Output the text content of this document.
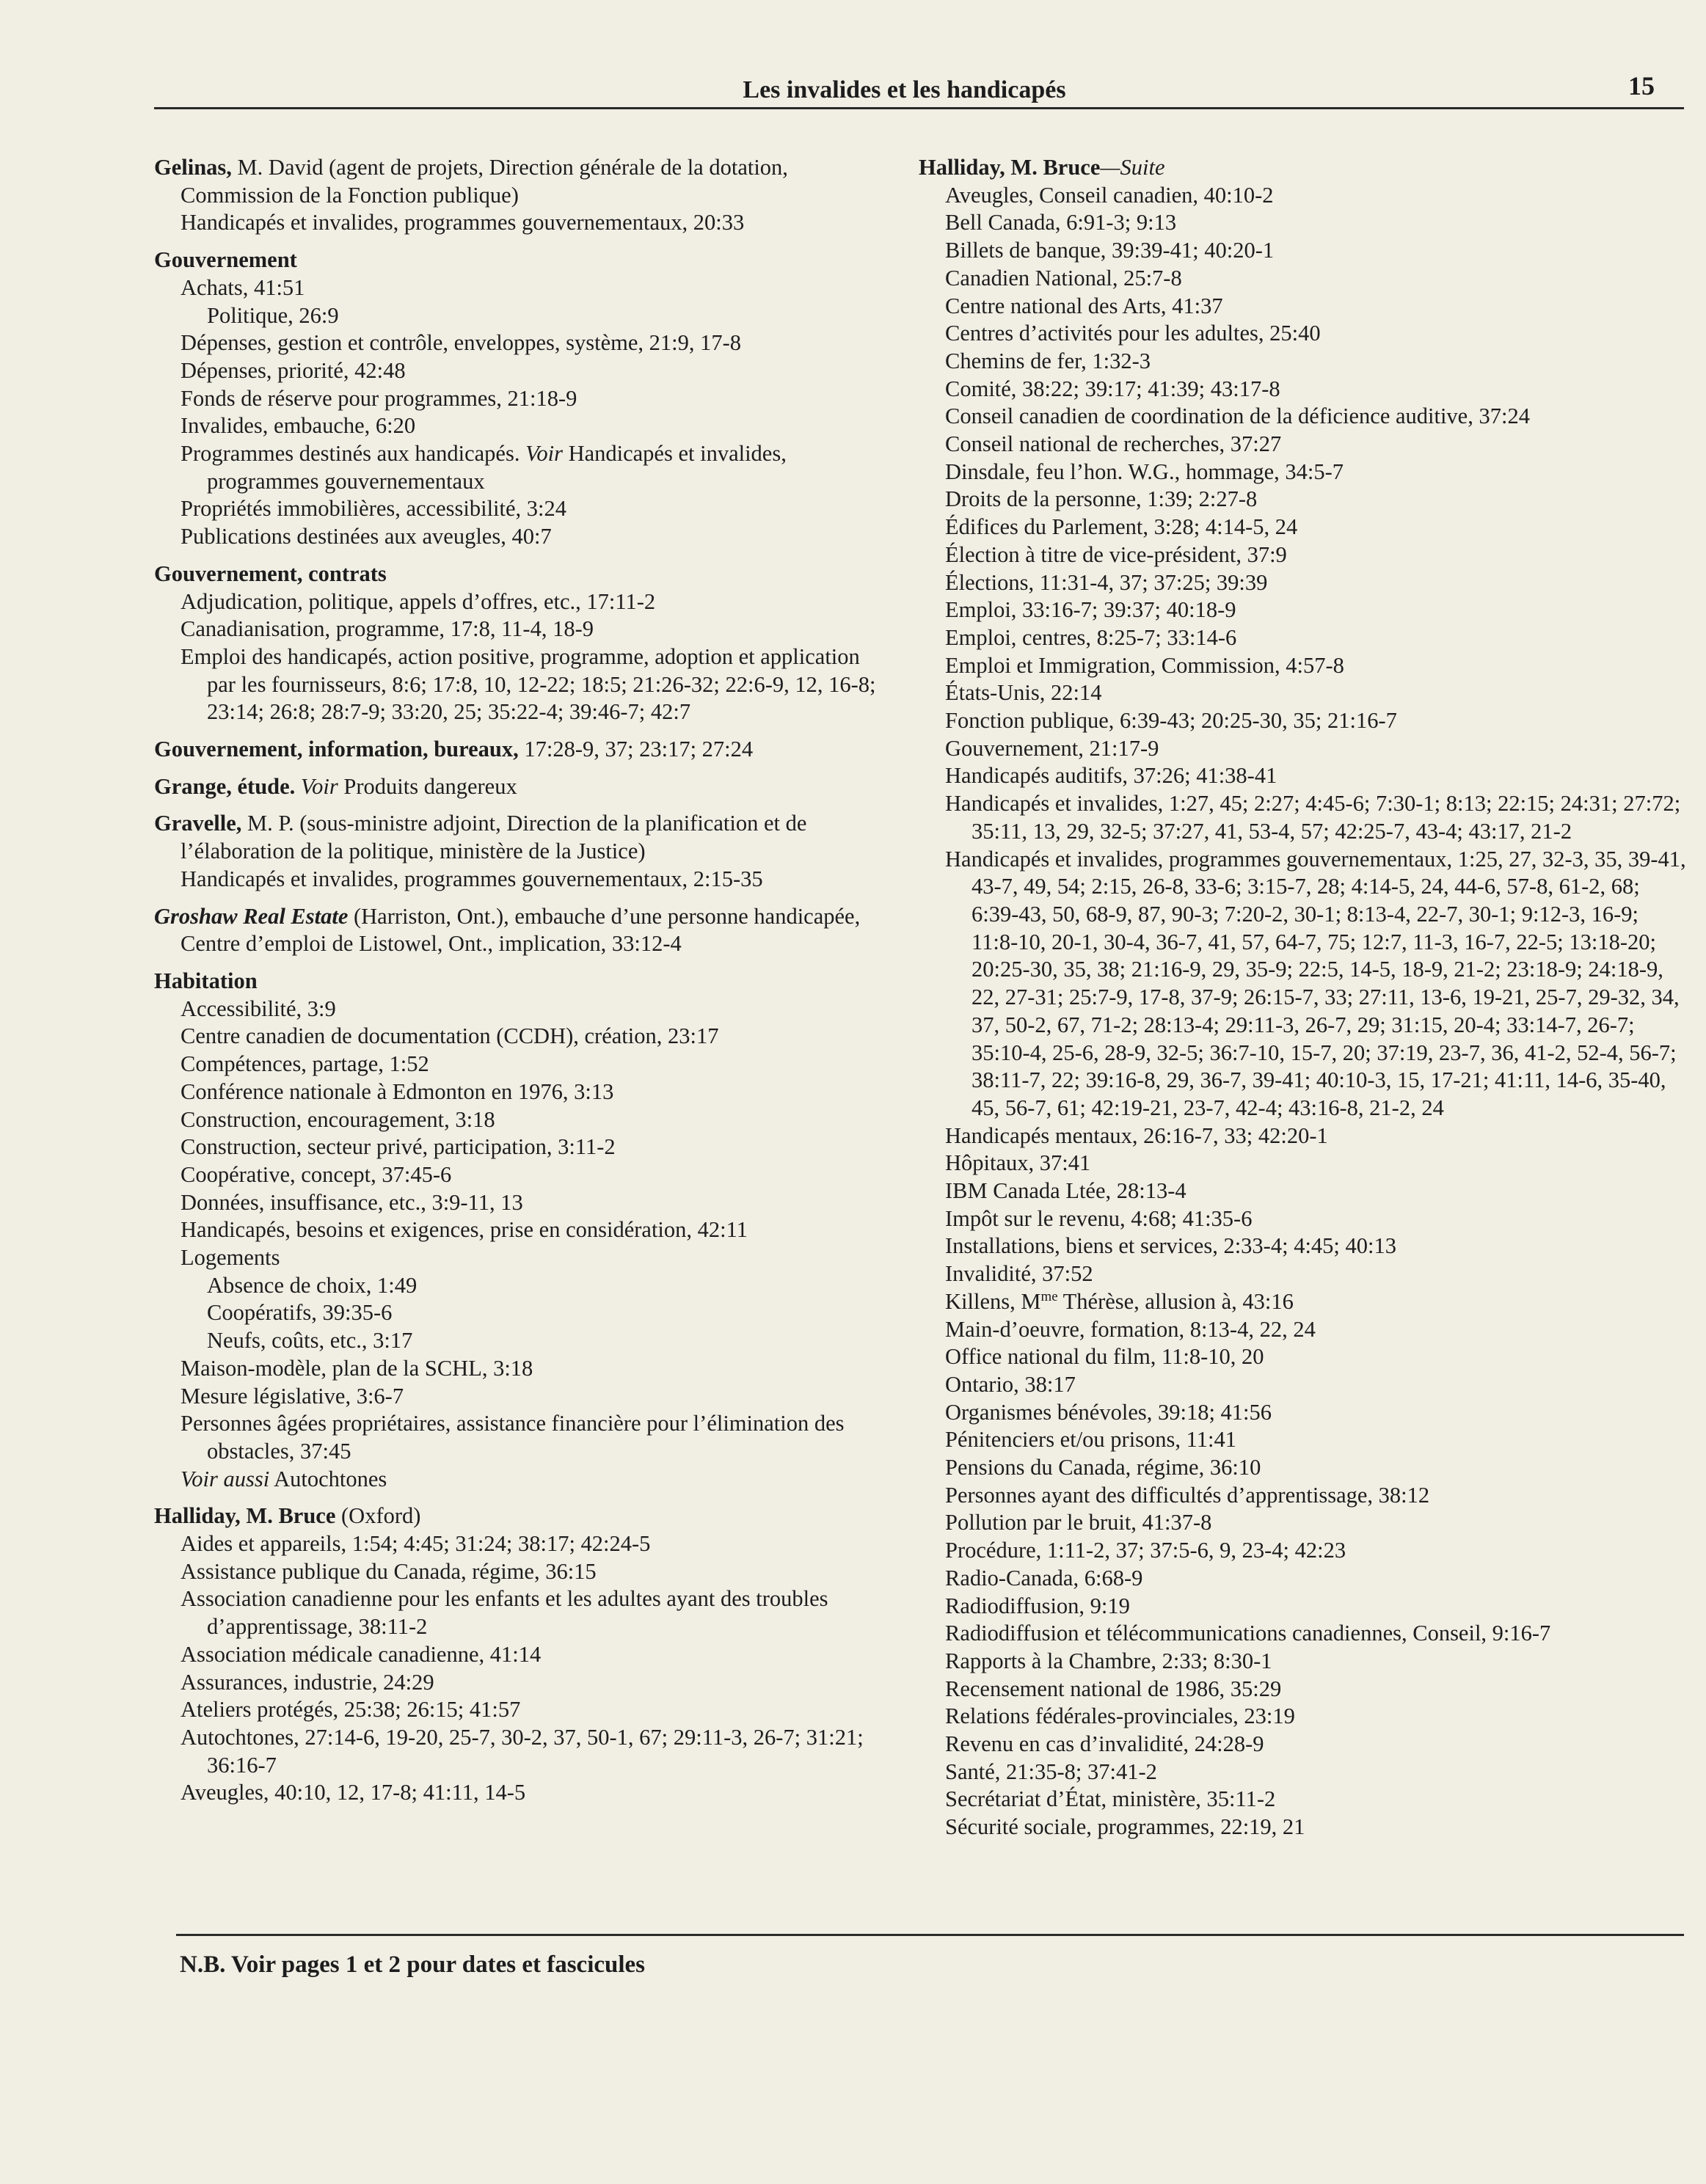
Les invalides et les handicapés	15
Gelinas, M. David (agent de projets, Direction générale de la dotation, Commission de la Fonction publique)
Handicapés et invalides, programmes gouvernementaux, 20:33
Gouvernement
Achats, 41:51
Politique, 26:9
Dépenses, gestion et contrôle, enveloppes, système, 21:9, 17-8
Dépenses, priorité, 42:48
Fonds de réserve pour programmes, 21:18-9
Invalides, embauche, 6:20
Programmes destinés aux handicapés. Voir Handicapés et invalides, programmes gouvernementaux
Propriétés immobilières, accessibilité, 3:24
Publications destinées aux aveugles, 40:7
Gouvernement, contrats
Adjudication, politique, appels d’offres, etc., 17:11-2
Canadianisation, programme, 17:8, 11-4, 18-9
Emploi des handicapés, action positive, programme, adoption et application par les fournisseurs, 8:6; 17:8, 10, 12-22; 18:5; 21:26-32; 22:6-9, 12, 16-8; 23:14; 26:8; 28:7-9; 33:20, 25; 35:22-4; 39:46-7; 42:7
Gouvernement, information, bureaux, 17:28-9, 37; 23:17; 27:24
Grange, étude. Voir Produits dangereux
Gravelle, M. P. (sous-ministre adjoint, Direction de la planification et de l’élaboration de la politique, ministère de la Justice)
Handicapés et invalides, programmes gouvernementaux, 2:15-35
Groshaw Real Estate (Harriston, Ont.), embauche d’une personne handicapée, Centre d’emploi de Listowel, Ont., implication, 33:12-4
Habitation
Accessibilité, 3:9
Centre canadien de documentation (CCDH), création, 23:17
Compétences, partage, 1:52
Conférence nationale à Edmonton en 1976, 3:13
Construction, encouragement, 3:18
Construction, secteur privé, participation, 3:11-2
Coopérative, concept, 37:45-6
Données, insuffisance, etc., 3:9-11, 13
Handicapés, besoins et exigences, prise en considération, 42:11
Logements
Absence de choix, 1:49
Coopératifs, 39:35-6
Neufs, coûts, etc., 3:17
Maison-modèle, plan de la SCHL, 3:18
Mesure législative, 3:6-7
Personnes âgées propriétaires, assistance financière pour l’élimination des obstacles, 37:45
Voir aussi Autochtones
Halliday, M. Bruce (Oxford)
Aides et appareils, 1:54; 4:45; 31:24; 38:17; 42:24-5
Assistance publique du Canada, régime, 36:15
Association canadienne pour les enfants et les adultes ayant des troubles d’apprentissage, 38:11-2
Association médicale canadienne, 41:14
Assurances, industrie, 24:29
Ateliers protégés, 25:38; 26:15; 41:57
Autochtones, 27:14-6, 19-20, 25-7, 30-2, 37, 50-1, 67; 29:11-3, 26-7; 31:21; 36:16-7
Aveugles, 40:10, 12, 17-8; 41:11, 14-5
Halliday, M. Bruce—Suite
Aveugles, Conseil canadien, 40:10-2
Bell Canada, 6:91-3; 9:13
Billets de banque, 39:39-41; 40:20-1
Canadien National, 25:7-8
Centre national des Arts, 41:37
Centres d’activités pour les adultes, 25:40
Chemins de fer, 1:32-3
Comité, 38:22; 39:17; 41:39; 43:17-8
Conseil canadien de coordination de la déficience auditive, 37:24
Conseil national de recherches, 37:27
Dinsdale, feu l’hon. W.G., hommage, 34:5-7
Droits de la personne, 1:39; 2:27-8
Édifices du Parlement, 3:28; 4:14-5, 24
Élection à titre de vice-président, 37:9
Élections, 11:31-4, 37; 37:25; 39:39
Emploi, 33:16-7; 39:37; 40:18-9
Emploi, centres, 8:25-7; 33:14-6
Emploi et Immigration, Commission, 4:57-8
États-Unis, 22:14
Fonction publique, 6:39-43; 20:25-30, 35; 21:16-7
Gouvernement, 21:17-9
Handicapés auditifs, 37:26; 41:38-41
Handicapés et invalides, 1:27, 45; 2:27; 4:45-6; 7:30-1; 8:13; 22:15; 24:31; 27:72; 35:11, 13, 29, 32-5; 37:27, 41, 53-4, 57; 42:25-7, 43-4; 43:17, 21-2
Handicapés et invalides, programmes gouvernementaux, 1:25, 27, 32-3, 35, 39-41, 43-7, 49, 54; 2:15, 26-8, 33-6; 3:15-7, 28; 4:14-5, 24, 44-6, 57-8, 61-2, 68; 6:39-43, 50, 68-9, 87, 90-3; 7:20-2, 30-1; 8:13-4, 22-7, 30-1; 9:12-3, 16-9; 11:8-10, 20-1, 30-4, 36-7, 41, 57, 64-7, 75; 12:7, 11-3, 16-7, 22-5; 13:18-20; 20:25-30, 35, 38; 21:16-9, 29, 35-9; 22:5, 14-5, 18-9, 21-2; 23:18-9; 24:18-9, 22, 27-31; 25:7-9, 17-8, 37-9; 26:15-7, 33; 27:11, 13-6, 19-21, 25-7, 29-32, 34, 37, 50-2, 67, 71-2; 28:13-4; 29:11-3, 26-7, 29; 31:15, 20-4; 33:14-7, 26-7; 35:10-4, 25-6, 28-9, 32-5; 36:7-10, 15-7, 20; 37:19, 23-7, 36, 41-2, 52-4, 56-7; 38:11-7, 22; 39:16-8, 29, 36-7, 39-41; 40:10-3, 15, 17-21; 41:11, 14-6, 35-40, 45, 56-7, 61; 42:19-21, 23-7, 42-4; 43:16-8, 21-2, 24
Handicapés mentaux, 26:16-7, 33; 42:20-1
Hôpitaux, 37:41
IBM Canada Ltée, 28:13-4
Impôt sur le revenu, 4:68; 41:35-6
Installations, biens et services, 2:33-4; 4:45; 40:13
Invalidité, 37:52
Killens, $M^{me}$ Thérèse, allusion à, 43:16
Main-d’oeuvre, formation, 8:13-4, 22, 24
Office national du film, 11:8-10, 20
Ontario, 38:17
Organismes bénévoles, 39:18; 41:56
Pénitenciers et/ou prisons, 11:41
Pensions du Canada, régime, 36:10
Personnes ayant des difficultés d’apprentissage, 38:12
Pollution par le bruit, 41:37-8
Procédure, 1:11-2, 37; 37:5-6, 9, 23-4; 42:23
Radio-Canada, 6:68-9
Radiodiffusion, 9:19
Radiodiffusion et télécommunications canadiennes, Conseil, 9:16-7
Rapports à la Chambre, 2:33; 8:30-1
Recensement national de 1986, 35:29
Relations fédérales-provinciales, 23:19
Revenu en cas d’invalidité, 24:28-9
Santé, 21:35-8; 37:41-2
Secrétariat d’État, ministère, 35:11-2
Sécurité sociale, programmes, 22:19, 21
N.B. Voir pages 1 et 2 pour dates et fascicules
